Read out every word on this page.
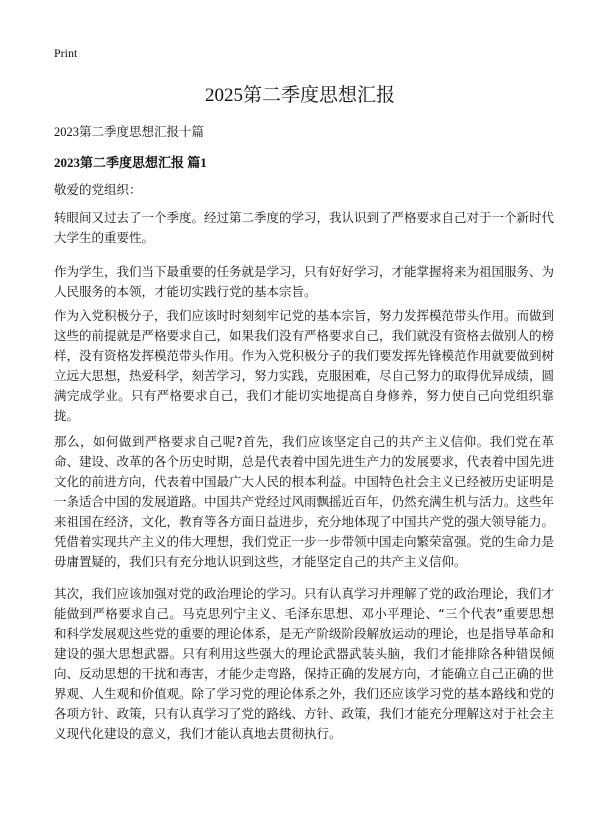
Print
2025第二季度思想汇报
2023第二季度思想汇报十篇
2023第二季度思想汇报 篇1
敬爱的党组织：

转眼间又过去了一个季度。经过第二季度的学习，我认识到了严格要求自己对于一个新时代大学生的重要性。

作为学生，我们当下最重要的任务就是学习，只有好好学习，才能掌握将来为祖国服务、为人民服务的本领，才能切实践行党的基本宗旨。

作为入党积极分子，我们应该时时刻刻牢记党的基本宗旨，努力发挥模范带头作用。而做到这些的前提就是严格要求自己，如果我们没有严格要求自己，我们就没有资格去做别人的榜样，没有资格发挥模范带头作用。作为入党积极分子的我们要发挥先锋模范作用就要做到树立远大思想，热爱科学，刻苦学习，努力实践，克服困难，尽自己努力的取得优异成绩，圆满完成学业。只有严格要求自己，我们才能切实地提高自身修养，努力使自己向党组织靠拢。

那么，如何做到严格要求自己呢?首先，我们应该坚定自己的共产主义信仰。我们党在革命、建设、改革的各个历史时期，总是代表着中国先进生产力的发展要求，代表着中国先进文化的前进方向，代表着中国最广大人民的根本利益。中国特色社会主义已经被历史证明是一条适合中国的发展道路。中国共产党经过风雨飘摇近百年，仍然充满生机与活力。这些年来祖国在经济，文化，教育等各方面日益进步，充分地体现了中国共产党的强大领导能力。凭借着实现共产主义的伟大理想，我们党正一步一步带领中国走向繁荣富强。党的生命力是毋庸置疑的，我们只有充分地认识到这些，才能坚定自己的共产主义信仰。

其次，我们应该加强对党的政治理论的学习。只有认真学习并理解了党的政治理论，我们才能做到严格要求自己。马克思列宁主义、毛泽东思想、邓小平理论、“三个代表”重要思想和科学发展观这些党的重要的理论体系，是无产阶级阶段解放运动的理论，也是指导革命和建设的强大思想武器。只有利用这些强大的理论武器武装头脑，我们才能排除各种错误倾向、反动思想的干扰和毒害，才能少走弯路，保持正确的发展方向，才能确立自己正确的世界观、人生观和价值观。除了学习党的理论体系之外，我们还应该学习党的基本路线和党的各项方针、政策，只有认真学习了党的路线、方针、政策，我们才能充分理解这对于社会主义现代化建设的意义，我们才能认真地去贯彻执行。
